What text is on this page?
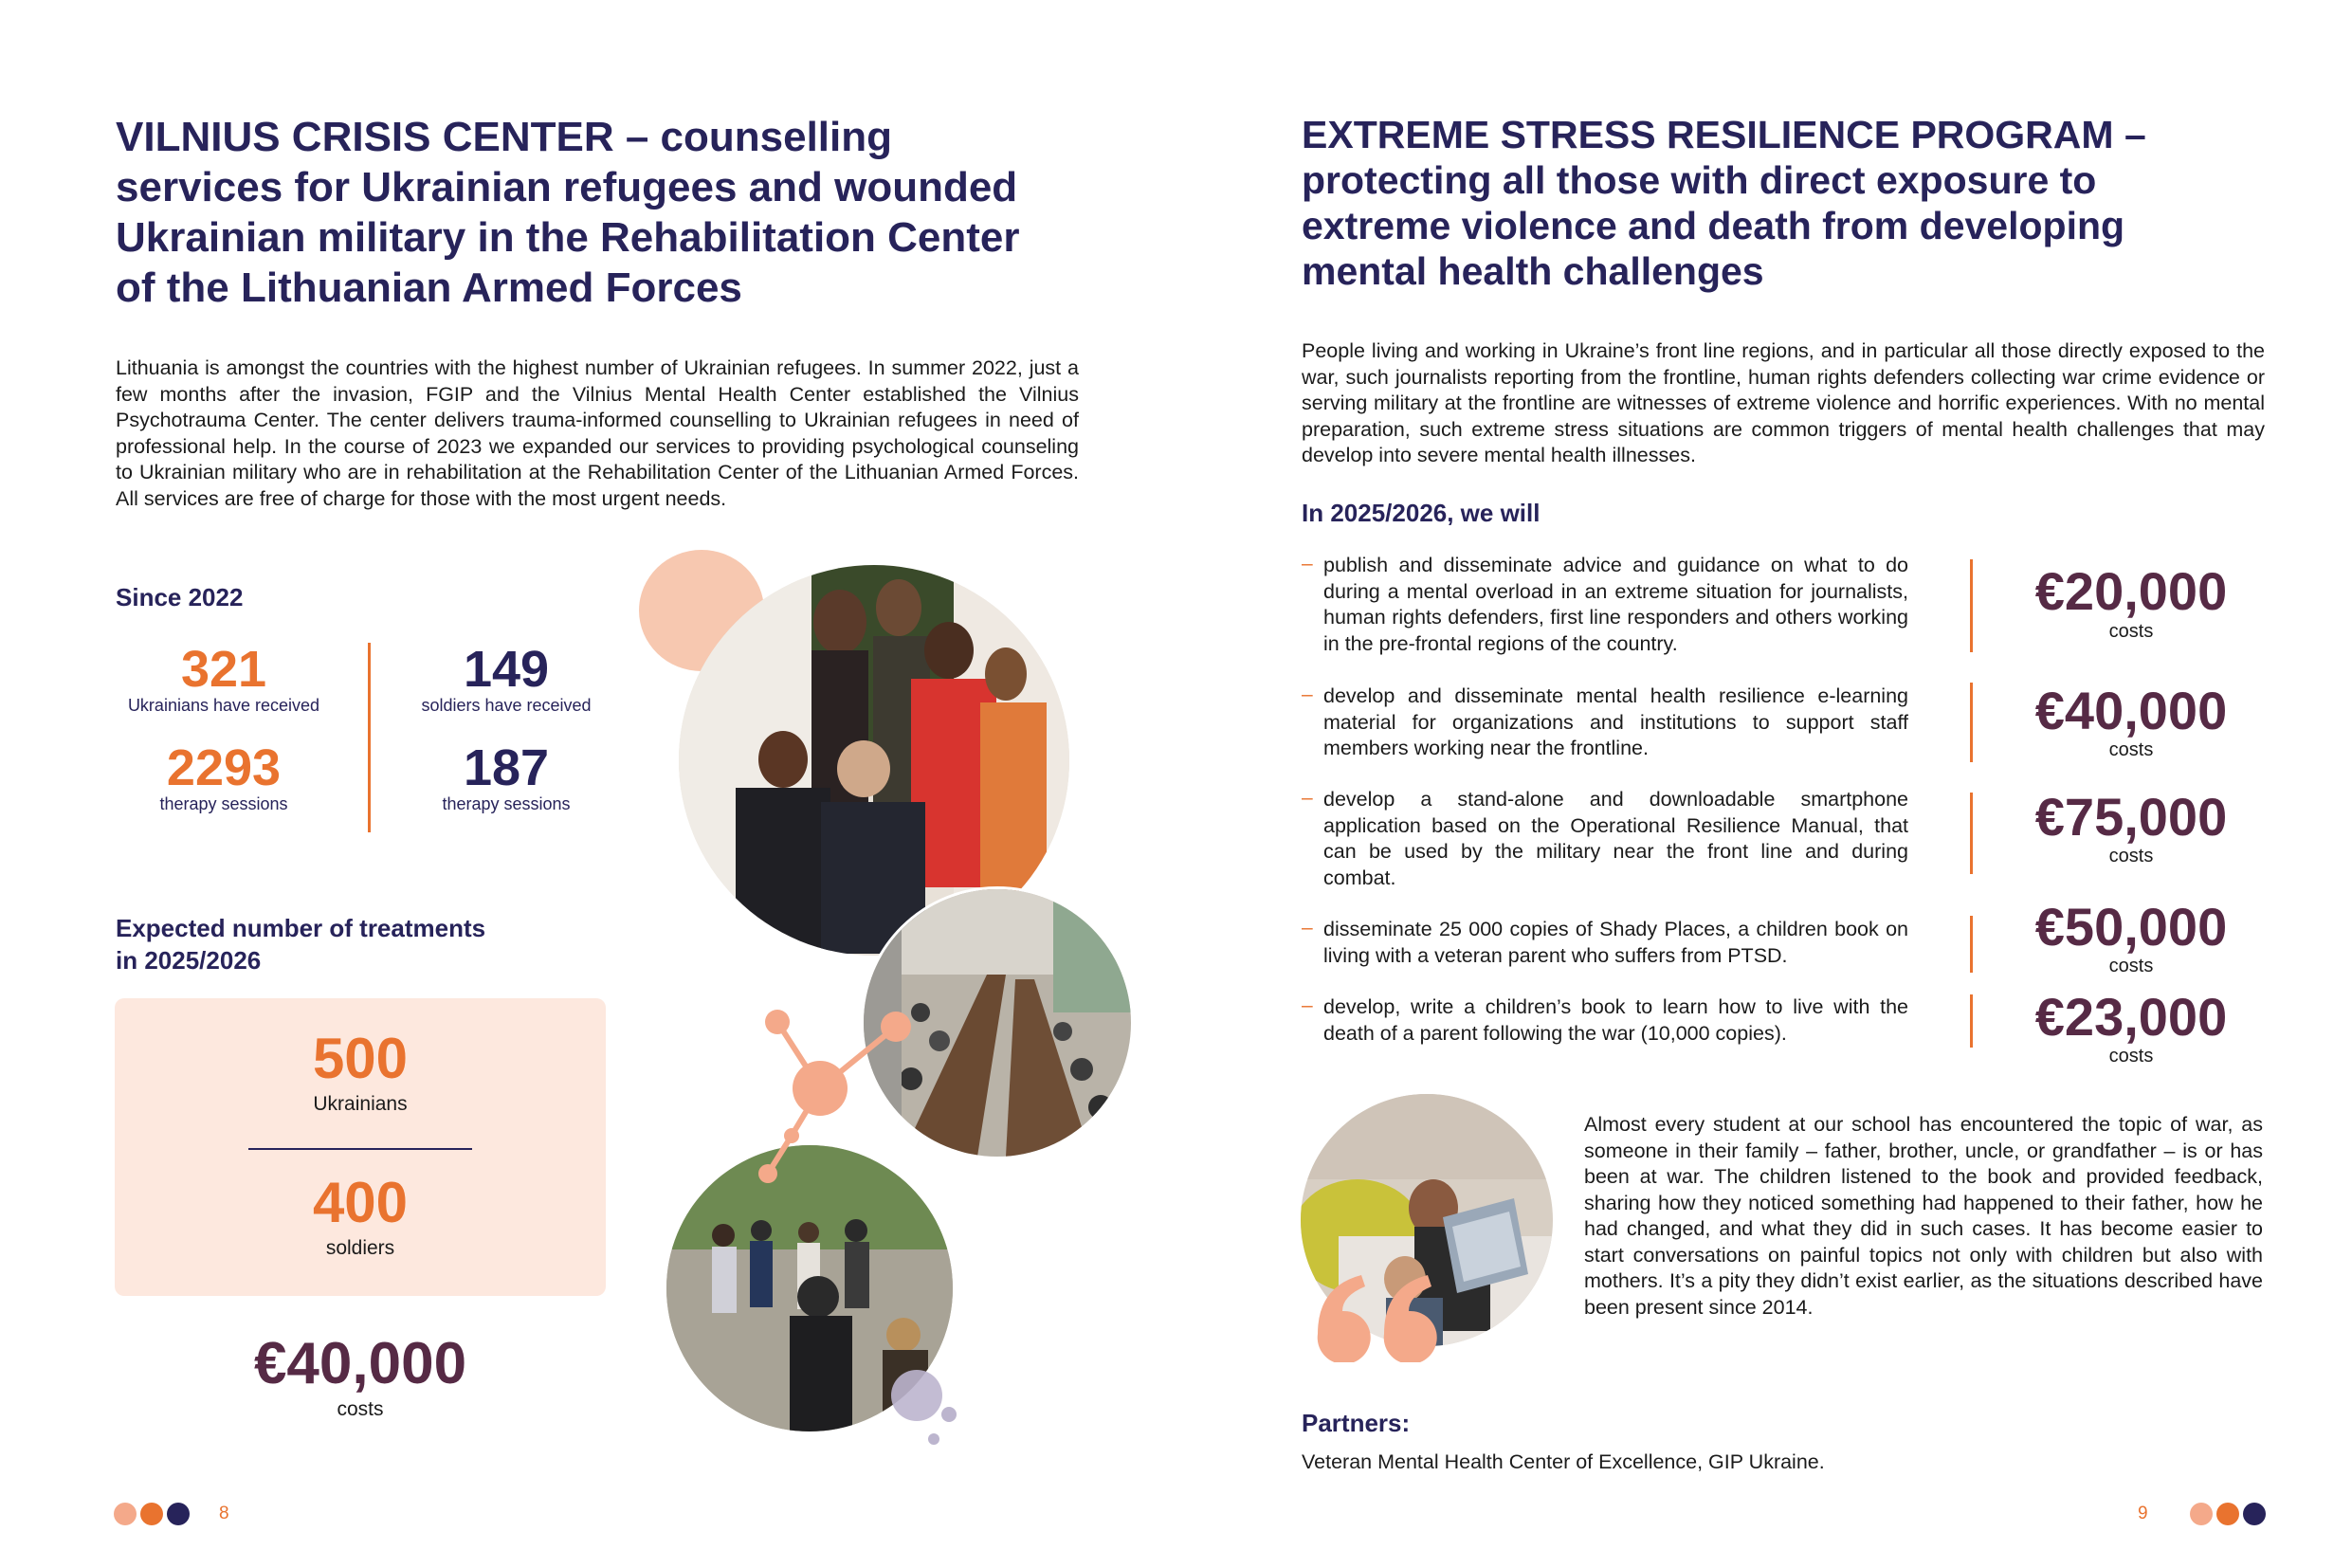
VILNIUS CRISIS CENTER – counselling services for Ukrainian refugees and wounded Ukrainian military in the Rehabilitation Center of the Lithuanian Armed Forces

Lithuania is amongst the countries with the highest number of Ukrainian refugees. In summer 2022, just a few months after the invasion, FGIP and the Vilnius Mental Health Center established the Vilnius Psychotrauma Center. The center delivers trauma-informed counselling to Ukrainian refugees in need of professional help. In the course of 2023 we expanded our services to providing psychological counseling to Ukrainian military who are in rehabilitation at the Rehabilitation Center of the Lithuanian Armed Forces. All services are free of charge for those with the most urgent needs.

Since 2022
321
Ukrainians have received
149
soldiers have received
2293
therapy sessions
187
therapy sessions
Expected number of treatments
in 2025/2026
500
Ukrainians
400
soldiers
€40,000
costs
8
EXTREME STRESS RESILIENCE PROGRAM – protecting all those with direct exposure to extreme violence and death from developing mental health challenges

People living and working in Ukraine’s front line regions, and in particular all those directly exposed to the war, such journalists reporting from the frontline, human rights defenders collecting war crime evidence or serving military at the frontline are witnesses of extreme violence and horrific experiences. With no mental preparation, such extreme stress situations are common triggers of mental health challenges that may develop into severe mental health illnesses.

In 2025/2026, we will
– publish and disseminate advice and guidance on what to do during a mental overload in an extreme situation for journalists, human rights defenders, first line responders and others working in the pre-frontal regions of the country.

– develop and disseminate mental health resilience e-learning material for organizations and institutions to support staff members working near the frontline.

– develop a stand-alone and downloadable smartphone application based on the Operational Resilience Manual, that can be used by the military near the front line and during combat.

– disseminate 25 000 copies of Shady Places, a children book on living with a veteran parent who suffers from PTSD.

– develop, write a children’s book to learn how to live with the death of a parent following the war (10,000 copies).

€20,000
costs
€40,000
costs
€75,000
costs
€50,000
costs
€23,000
costs

Almost every student at our school has encountered the topic of war, as someone in their family – father, brother, uncle, or grandfather – is or has been at war. The children listened to the book and provided feedback, sharing how they noticed something had happened to their father, how he had changed, and what they did in such cases. It has become easier to start conversations on painful topics not only with children but also with mothers. It’s a pity they didn’t exist earlier, as the situations described have been present since 2014.

Partners:
Veteran Mental Health Center of Excellence, GIP Ukraine.
9
